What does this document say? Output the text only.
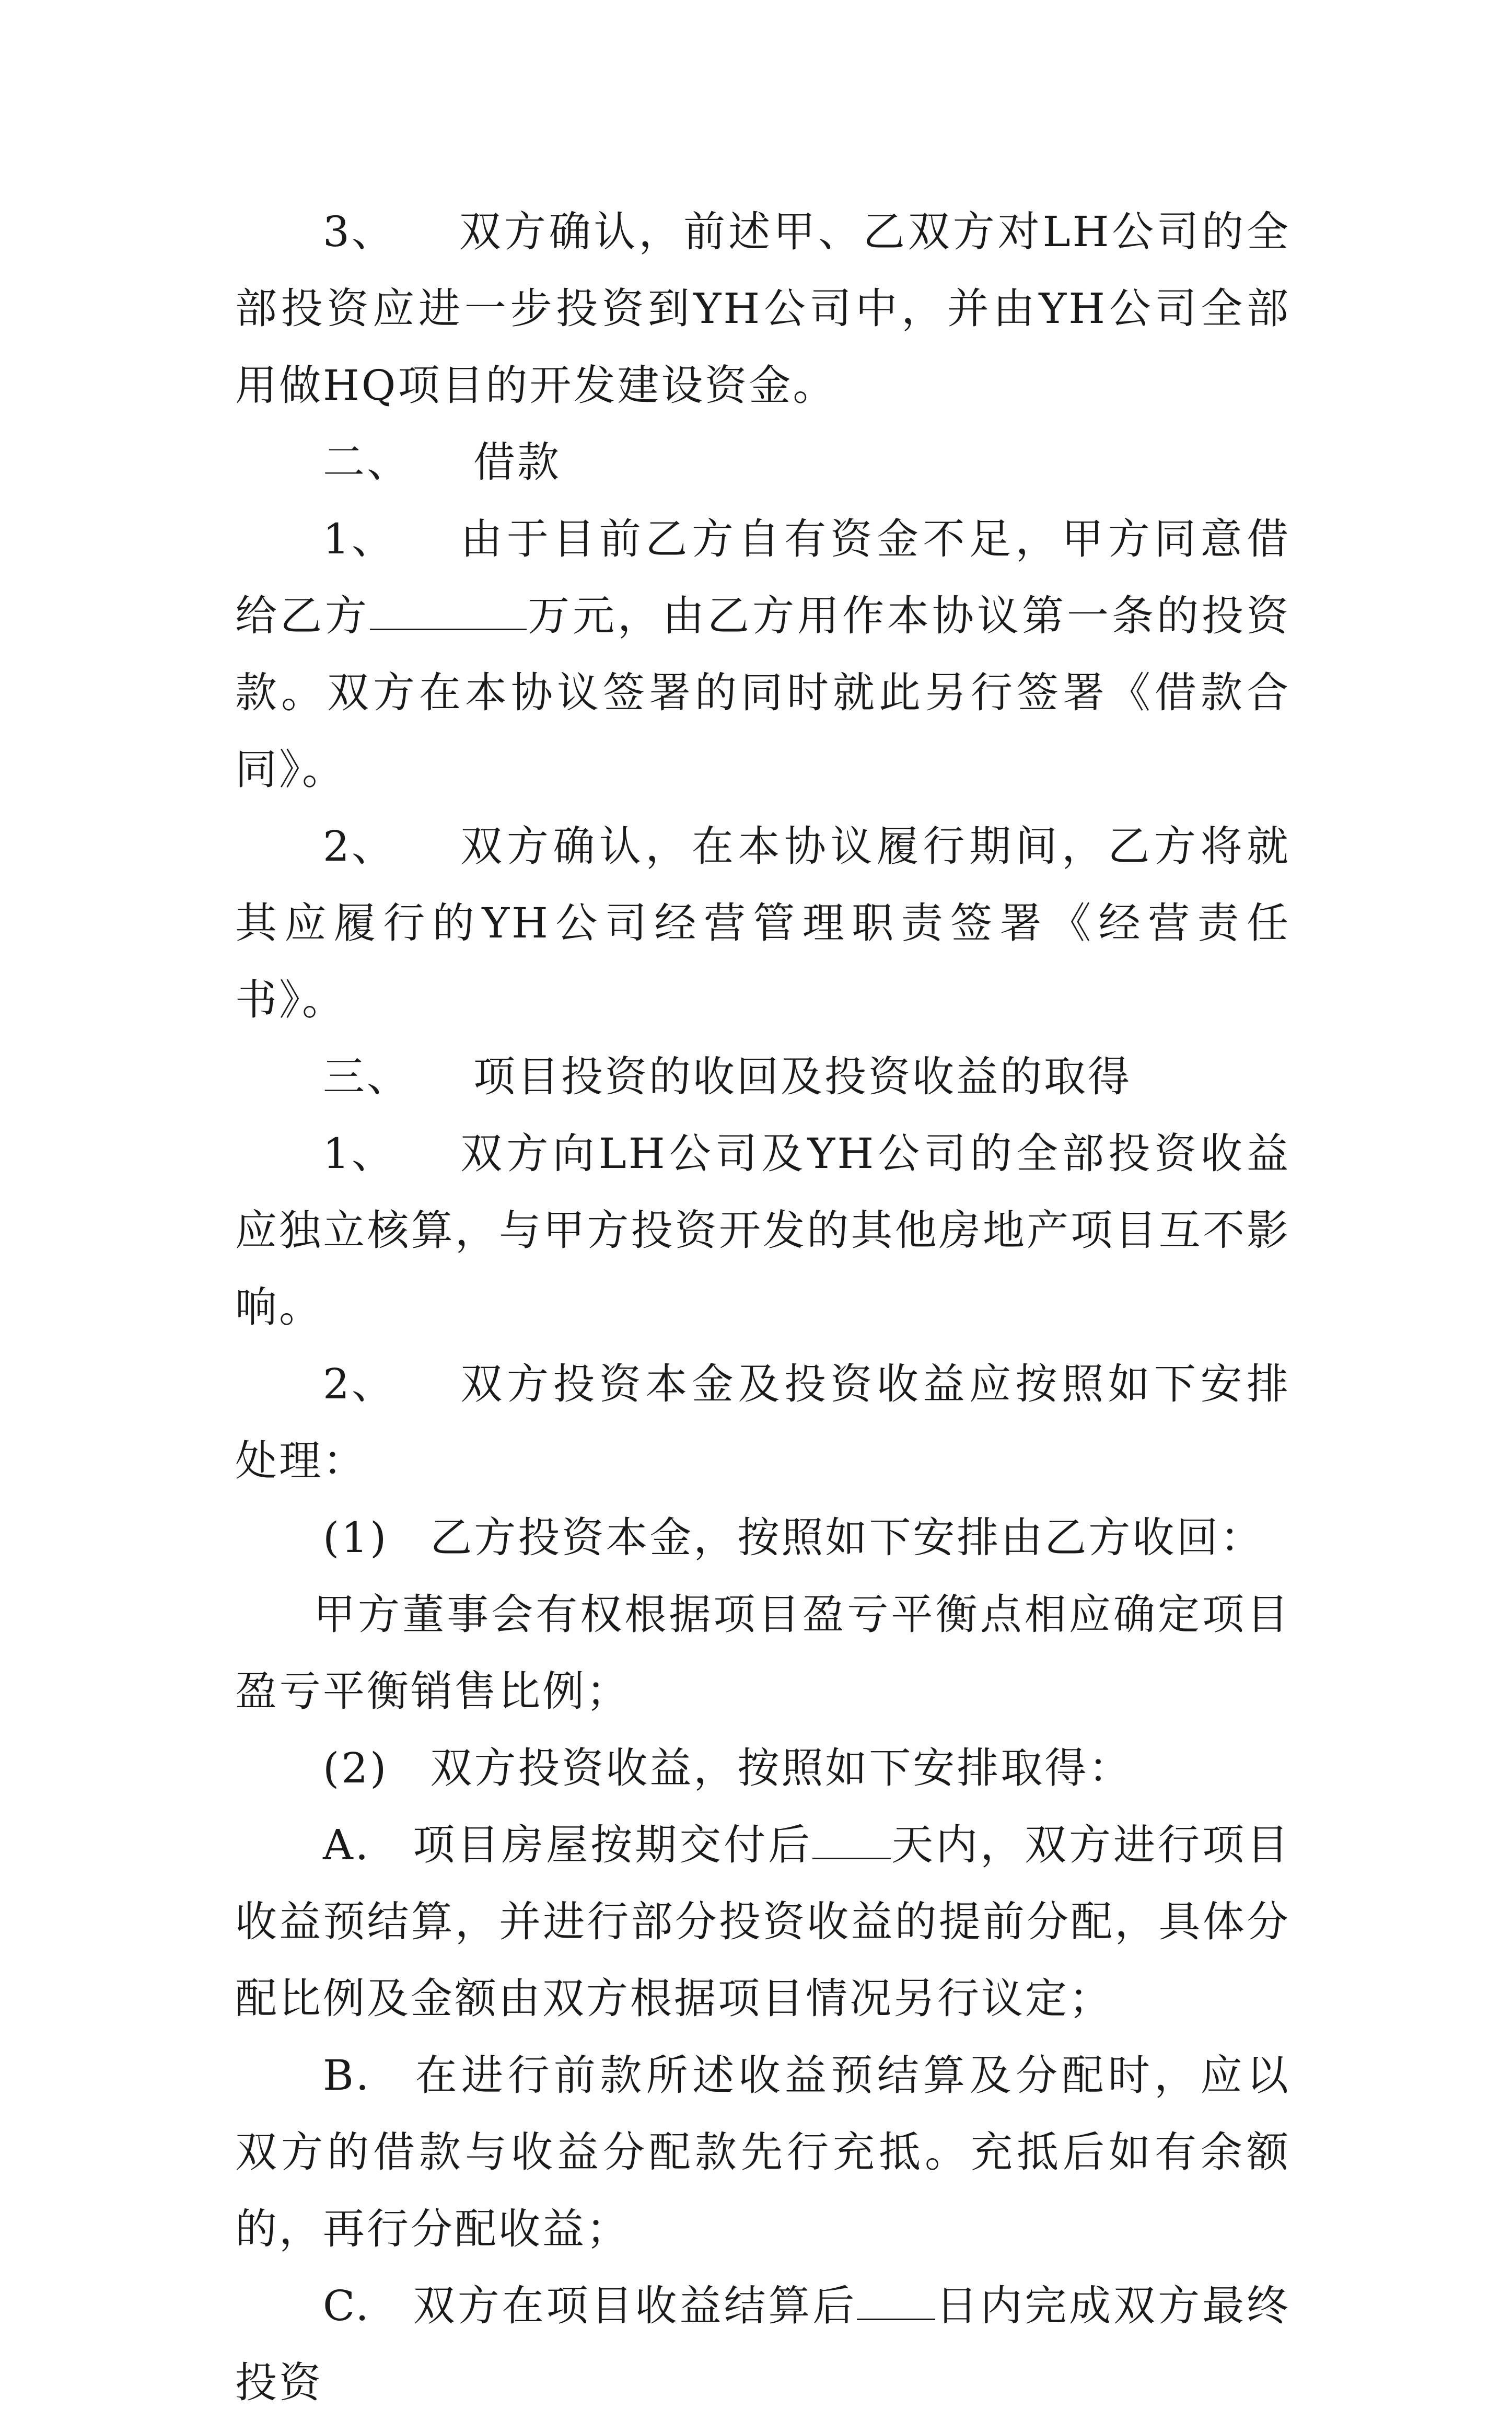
3、 双方确认，前述甲、乙双方对LH公司的全部投资应进一步投资到YH公司中，并由YH公司全部用做HQ项目的开发建设资金。

二、 借款

1、 由于目前乙方自有资金不足，甲方同意借给乙方	万元，由乙方用作本协议第一条的投资款。双方在本协议签署的同时就此另行签署《借款合同》。

2、 双方确认，在本协议履行期间，乙方将就其应履行的YH公司经营管理职责签署《经营责任书》。

三、 项目投资的收回及投资收益的取得

1、 双方向LH公司及YH公司的全部投资收益应独立核算，与甲方投资开发的其他房地产项目互不影响。

2、 双方投资本金及投资收益应按照如下安排处理：

(1) 乙方投资本金，按照如下安排由乙方收回：

甲方董事会有权根据项目盈亏平衡点相应确定项目盈亏平衡销售比例；

(2) 双方投资收益，按照如下安排取得：

A. 项目房屋按期交付后 天内，双方进行项目收益预结算，并进行部分投资收益的提前分配，具体分配比例及金额由双方根据项目情况另行议定；

B. 在进行前款所述收益预结算及分配时，应以双方的借款与收益分配款先行充抵。充抵后如有余额的，再行分配收益；

C. 双方在项目收益结算后 日内完成双方最终投资
